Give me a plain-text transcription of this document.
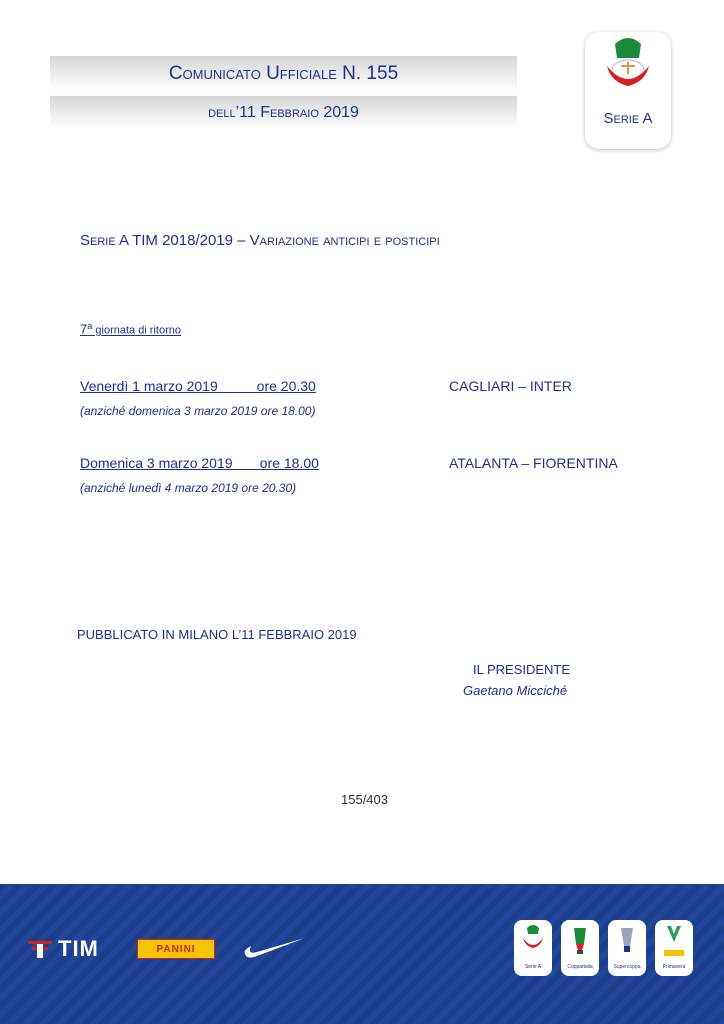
Comunicato Ufficiale N. 155
dell’11 Febbraio 2019	Serie A
Serie A TIM 2018/2019 – Variazione anticipi e posticipi
7$^a$ giornata di ritorno
Venerdì 1 marzo 2019          ore 20.30
(anziché domenica 3 marzo 2019 ore 18.00)
CAGLIARI – INTER
Domenica 3 marzo 2019       ore 18.00
(anziché lunedì 4 marzo 2019 ore 20.30)
ATALANTA – FIORENTINA
PUBBLICATO IN MILANO L’11 FEBBRAIO 2019
IL PRESIDENTE
Gaetano Micciché
155/403
TIM	PANINI
Serie A	CoppaItalia	Supercoppa	Primavera
